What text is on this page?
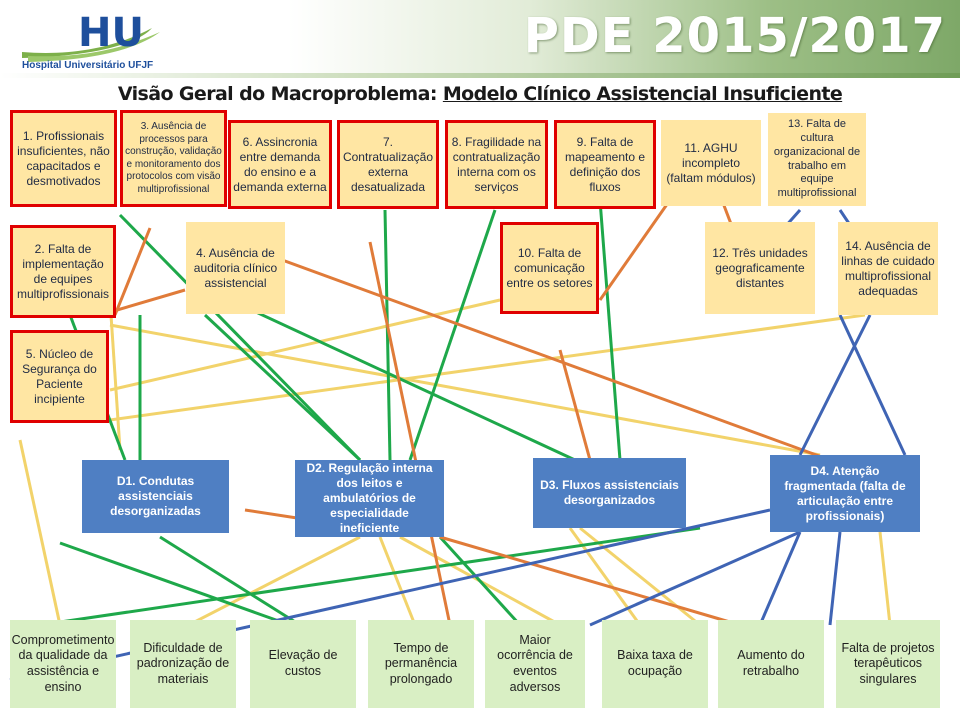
HU
Hospital Universitário UFJF
PDE 2015/2017
Visão Geral do Macroproblema: Modelo Clínico Assistencial Insuficiente
1. Profissionais insuficientes, não capacitados e desmotivados
3. Ausência de processos para construção, validação e monitoramento dos protocolos com visão multiprofissional
6. Assincronia entre demanda do ensino e a demanda externa
7. Contratualização externa desatualizada
8. Fragilidade na contratualização interna com os serviços
9. Falta de mapeamento e definição dos fluxos
11. AGHU incompleto (faltam módulos)
13. Falta de cultura organizacional de trabalho em equipe multiprofissional
2. Falta de implementação de equipes multiprofissionais
4. Ausência de auditoria clínico assistencial
10. Falta de comunicação entre os setores
12. Três unidades geograficamente distantes
14. Ausência de linhas de cuidado multiprofissional adequadas
5. Núcleo de Segurança do Paciente incipiente
D1. Condutas assistenciais desorganizadas
D2. Regulação interna dos leitos e ambulatórios de especialidade ineficiente
D3. Fluxos assistenciais desorganizados
D4. Atenção fragmentada (falta de articulação entre profissionais)
Comprometimento da qualidade da assistência e ensino
Dificuldade de padronização de materiais
Elevação de custos
Tempo de permanência prolongado
Maior ocorrência de eventos adversos
Baixa taxa de ocupação
Aumento do retrabalho
Falta de projetos terapêuticos singulares
